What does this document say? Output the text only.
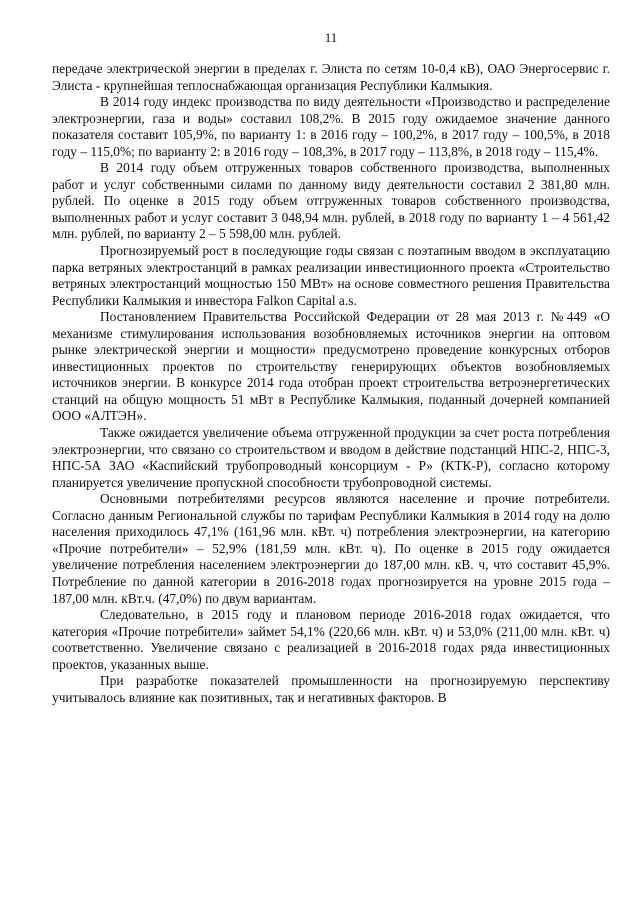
11

передаче электрической энергии в пределах г. Элиста по сетям 10-0,4 кВ), ОАО Энергосервис г. Элиста - крупнейшая теплоснабжающая организация Республики Калмыкия.

В 2014 году индекс производства по виду деятельности «Производство и распределение электроэнергии, газа и воды» составил 108,2%. В 2015 году ожидаемое значение данного показателя составит 105,9%, по варианту 1: в 2016 году – 100,2%, в 2017 году – 100,5%, в 2018 году – 115,0%; по варианту 2: в 2016 году – 108,3%, в 2017 году – 113,8%, в 2018 году – 115,4%.

В 2014 году объем отгруженных товаров собственного производства, выполненных работ и услуг собственными силами по данному виду деятельности составил 2 381,80 млн. рублей. По оценке в 2015 году объем отгруженных товаров собственного производства, выполненных работ и услуг составит 3 048,94 млн. рублей, в 2018 году по варианту 1 – 4 561,42 млн. рублей, по варианту 2 – 5 598,00 млн. рублей.

Прогнозируемый рост в последующие годы связан с поэтапным вводом в эксплуатацию парка ветряных электростанций в рамках реализации инвестиционного проекта «Строительство ветряных электростанций мощностью 150 МВт» на основе совместного решения Правительства Республики Калмыкия и инвестора Falkon Capital a.s.

Постановлением Правительства Российской Федерации от 28 мая 2013 г. №449 «О механизме стимулирования использования возобновляемых источников энергии на оптовом рынке электрической энергии и мощности» предусмотрено проведение конкурсных отборов инвестиционных проектов по строительству генерирующих объектов возобновляемых источников энергии. В конкурсе 2014 года отобран проект строительства ветроэнергетических станций на общую мощность 51 мВт в Республике Калмыкия, поданный дочерней компанией ООО «АЛТЭН».

Также ожидается увеличение объема отгруженной продукции за счет роста потребления электроэнергии, что связано со строительством и вводом в действие подстанций НПС-2, НПС-3, НПС-5А ЗАО «Каспийский трубопроводный консорциум - Р» (КТК-Р), согласно которому планируется увеличение пропускной способности трубопроводной системы.

Основными потребителями ресурсов являются население и прочие потребители. Согласно данным Региональной службы по тарифам Республики Калмыкия в 2014 году на долю населения приходилось 47,1% (161,96 млн. кВт. ч) потребления электроэнергии, на категорию «Прочие потребители» – 52,9% (181,59 млн. кВт. ч). По оценке в 2015 году ожидается увеличение потребления населением электроэнергии до 187,00 млн. кВ. ч, что составит 45,9%. Потребление по данной категории в 2016-2018 годах прогнозируется на уровне 2015 года – 187,00 млн. кВт.ч. (47,0%) по двум вариантам.

Следовательно, в 2015 году и плановом периоде 2016-2018 годах ожидается, что категория «Прочие потребители» займет 54,1% (220,66 млн. кВт. ч) и 53,0% (211,00 млн. кВт. ч) соответственно. Увеличение связано с реализацией в 2016-2018 годах ряда инвестиционных проектов, указанных выше.

При разработке показателей промышленности на прогнозируемую перспективу учитывалось влияние как позитивных, так и негативных факторов. В
